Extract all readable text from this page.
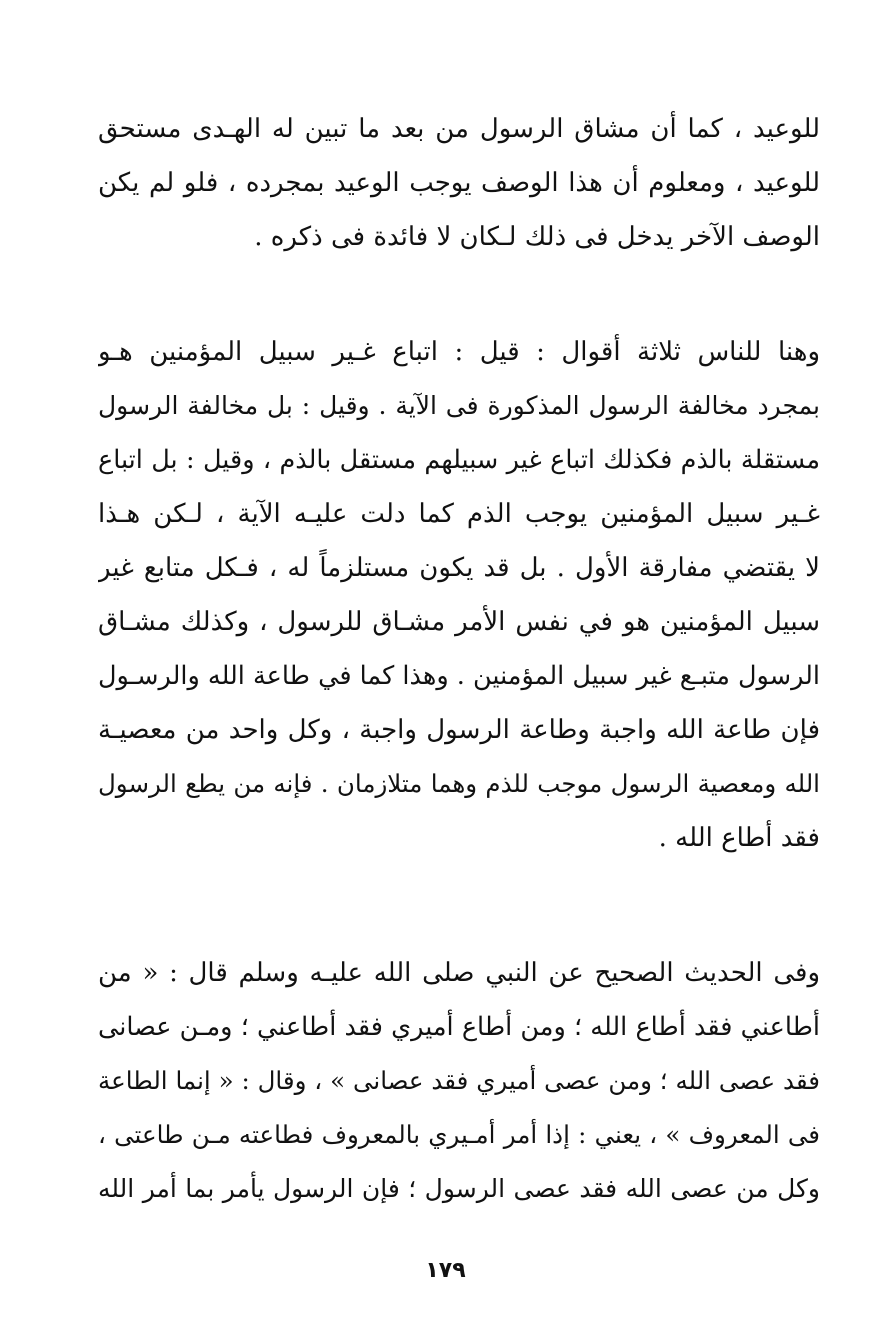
للوعيد ، كما أن مشاق الرسول من بعد ما تبين له الهـدى مستحق
للوعيد ، ومعلوم أن هذا الوصف يوجب الوعيد بمجرده ، فلو لم يكن
الوصف الآخر يدخل فى ذلك لـكان لا فائدة فى ذكره .
وهنا للناس ثلاثة أقوال : قيل : اتباع غـير سبيل المؤمنين هـو
بمجرد مخالفة الرسول المذكورة فى الآية . وقيل : بل مخالفة الرسول
مستقلة بالذم فكذلك اتباع غير سبيلهم مستقل بالذم ، وقيل : بل اتباع
غـير سبيل المؤمنين يوجب الذم كما دلت عليـه الآية ، لـكن هـذا
لا يقتضي مفارقة الأول . بل قد يكون مستلزماً له ، فـكل متابع غير
سبيل المؤمنين هو في نفس الأمر مشـاق للرسول ، وكذلك مشـاق
الرسول متبـع غير سبيل المؤمنين . وهذا كما في طاعة الله والرسـول
فإن طاعة الله واجبة وطاعة الرسول واجبة ، وكل واحد من معصيـة
الله ومعصية الرسول موجب للذم وهما متلازمان . فإنه من يطع الرسول
فقد أطاع الله .
وفى الحديث الصحيح عن النبي صلى الله عليـه وسلم قال : « من
أطاعني فقد أطاع الله ؛ ومن أطاع أميري فقد أطاعني ؛ ومـن عصانى
فقد عصى الله ؛ ومن عصى أميري فقد عصانى » ، وقال : « إنما الطاعة
فى المعروف » ، يعني : إذا أمر أمـيري بالمعروف فطاعته مـن طاعتى ،
وكل من عصى الله فقد عصى الرسول ؛ فإن الرسول يأمر بما أمر الله
١٧٩
